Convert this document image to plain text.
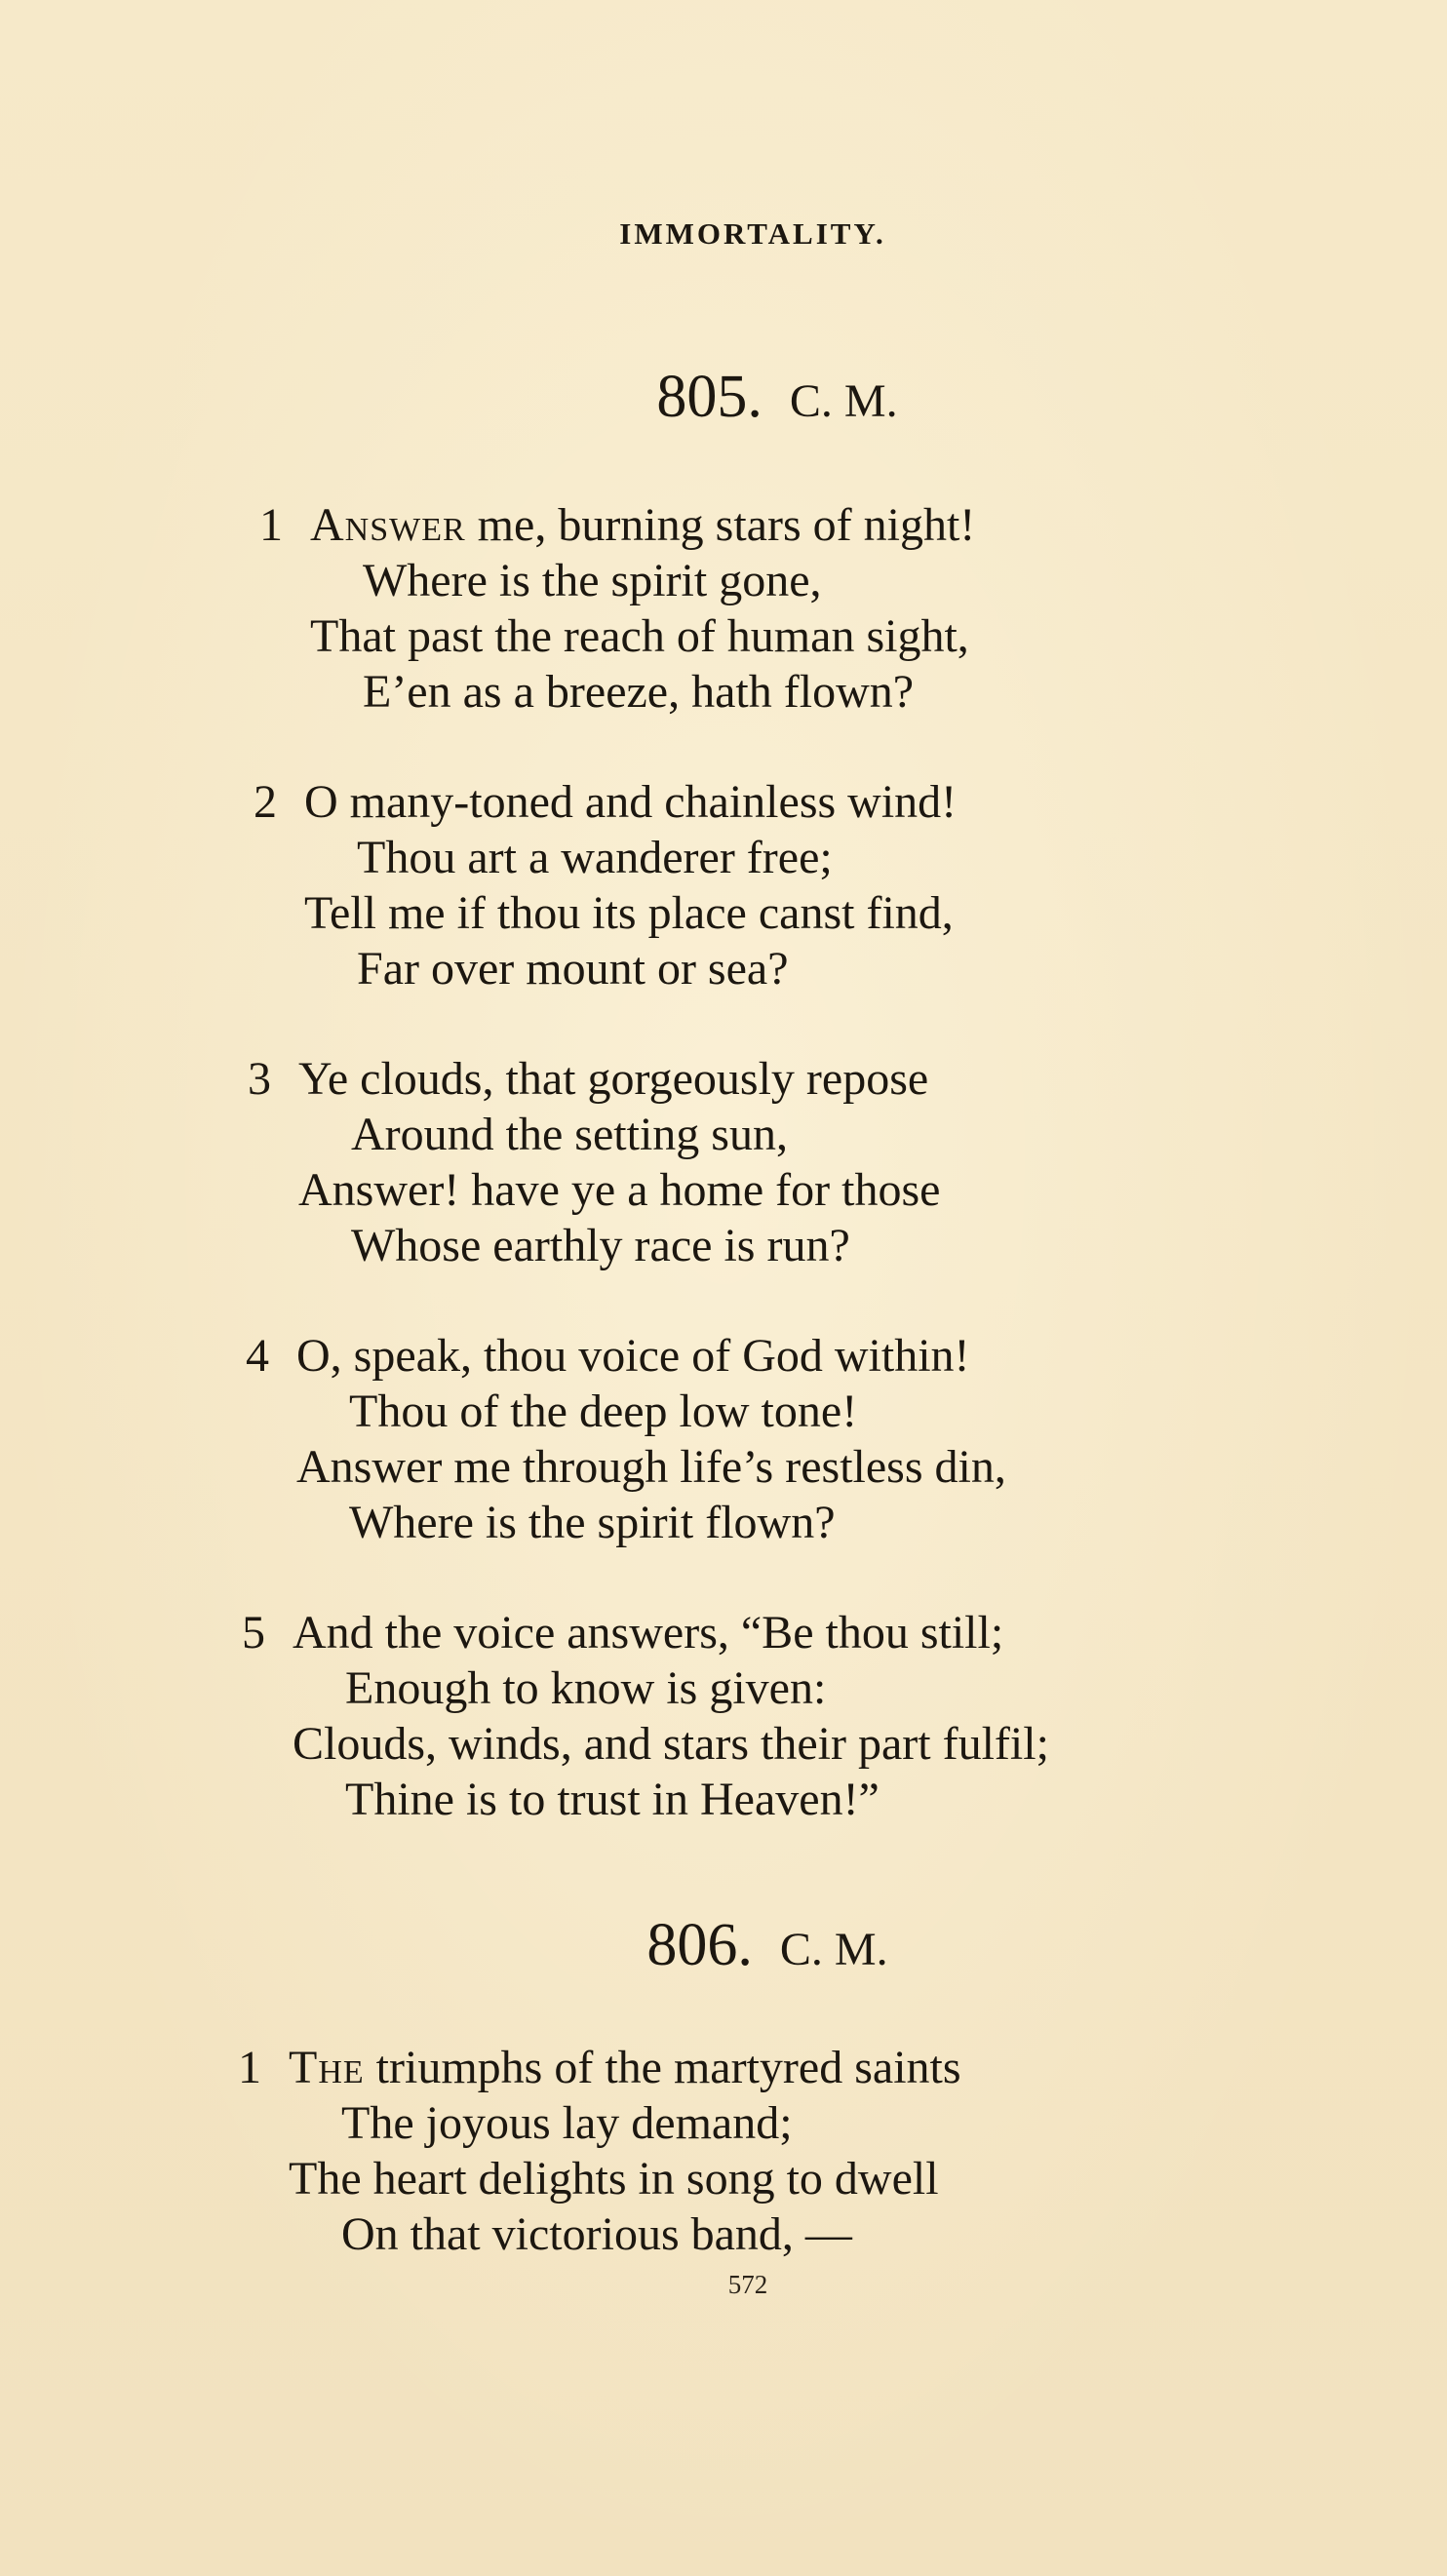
IMMORTALITY.
805. C. M.
1 Answer me, burning stars of night!
Where is the spirit gone,
That past the reach of human sight,
E’en as a breeze, hath flown?
2 O many-toned and chainless wind!
Thou art a wanderer free;
Tell me if thou its place canst find,
Far over mount or sea?
3 Ye clouds, that gorgeously repose
Around the setting sun,
Answer! have ye a home for those
Whose earthly race is run?
4 O, speak, thou voice of God within!
Thou of the deep low tone!
Answer me through life’s restless din,
Where is the spirit flown?
5 And the voice answers, “Be thou still;
Enough to know is given:
Clouds, winds, and stars their part fulfil;
Thine is to trust in Heaven!”
806. C. M.
1 The triumphs of the martyred saints
The joyous lay demand;
The heart delights in song to dwell
On that victorious band, —
572
